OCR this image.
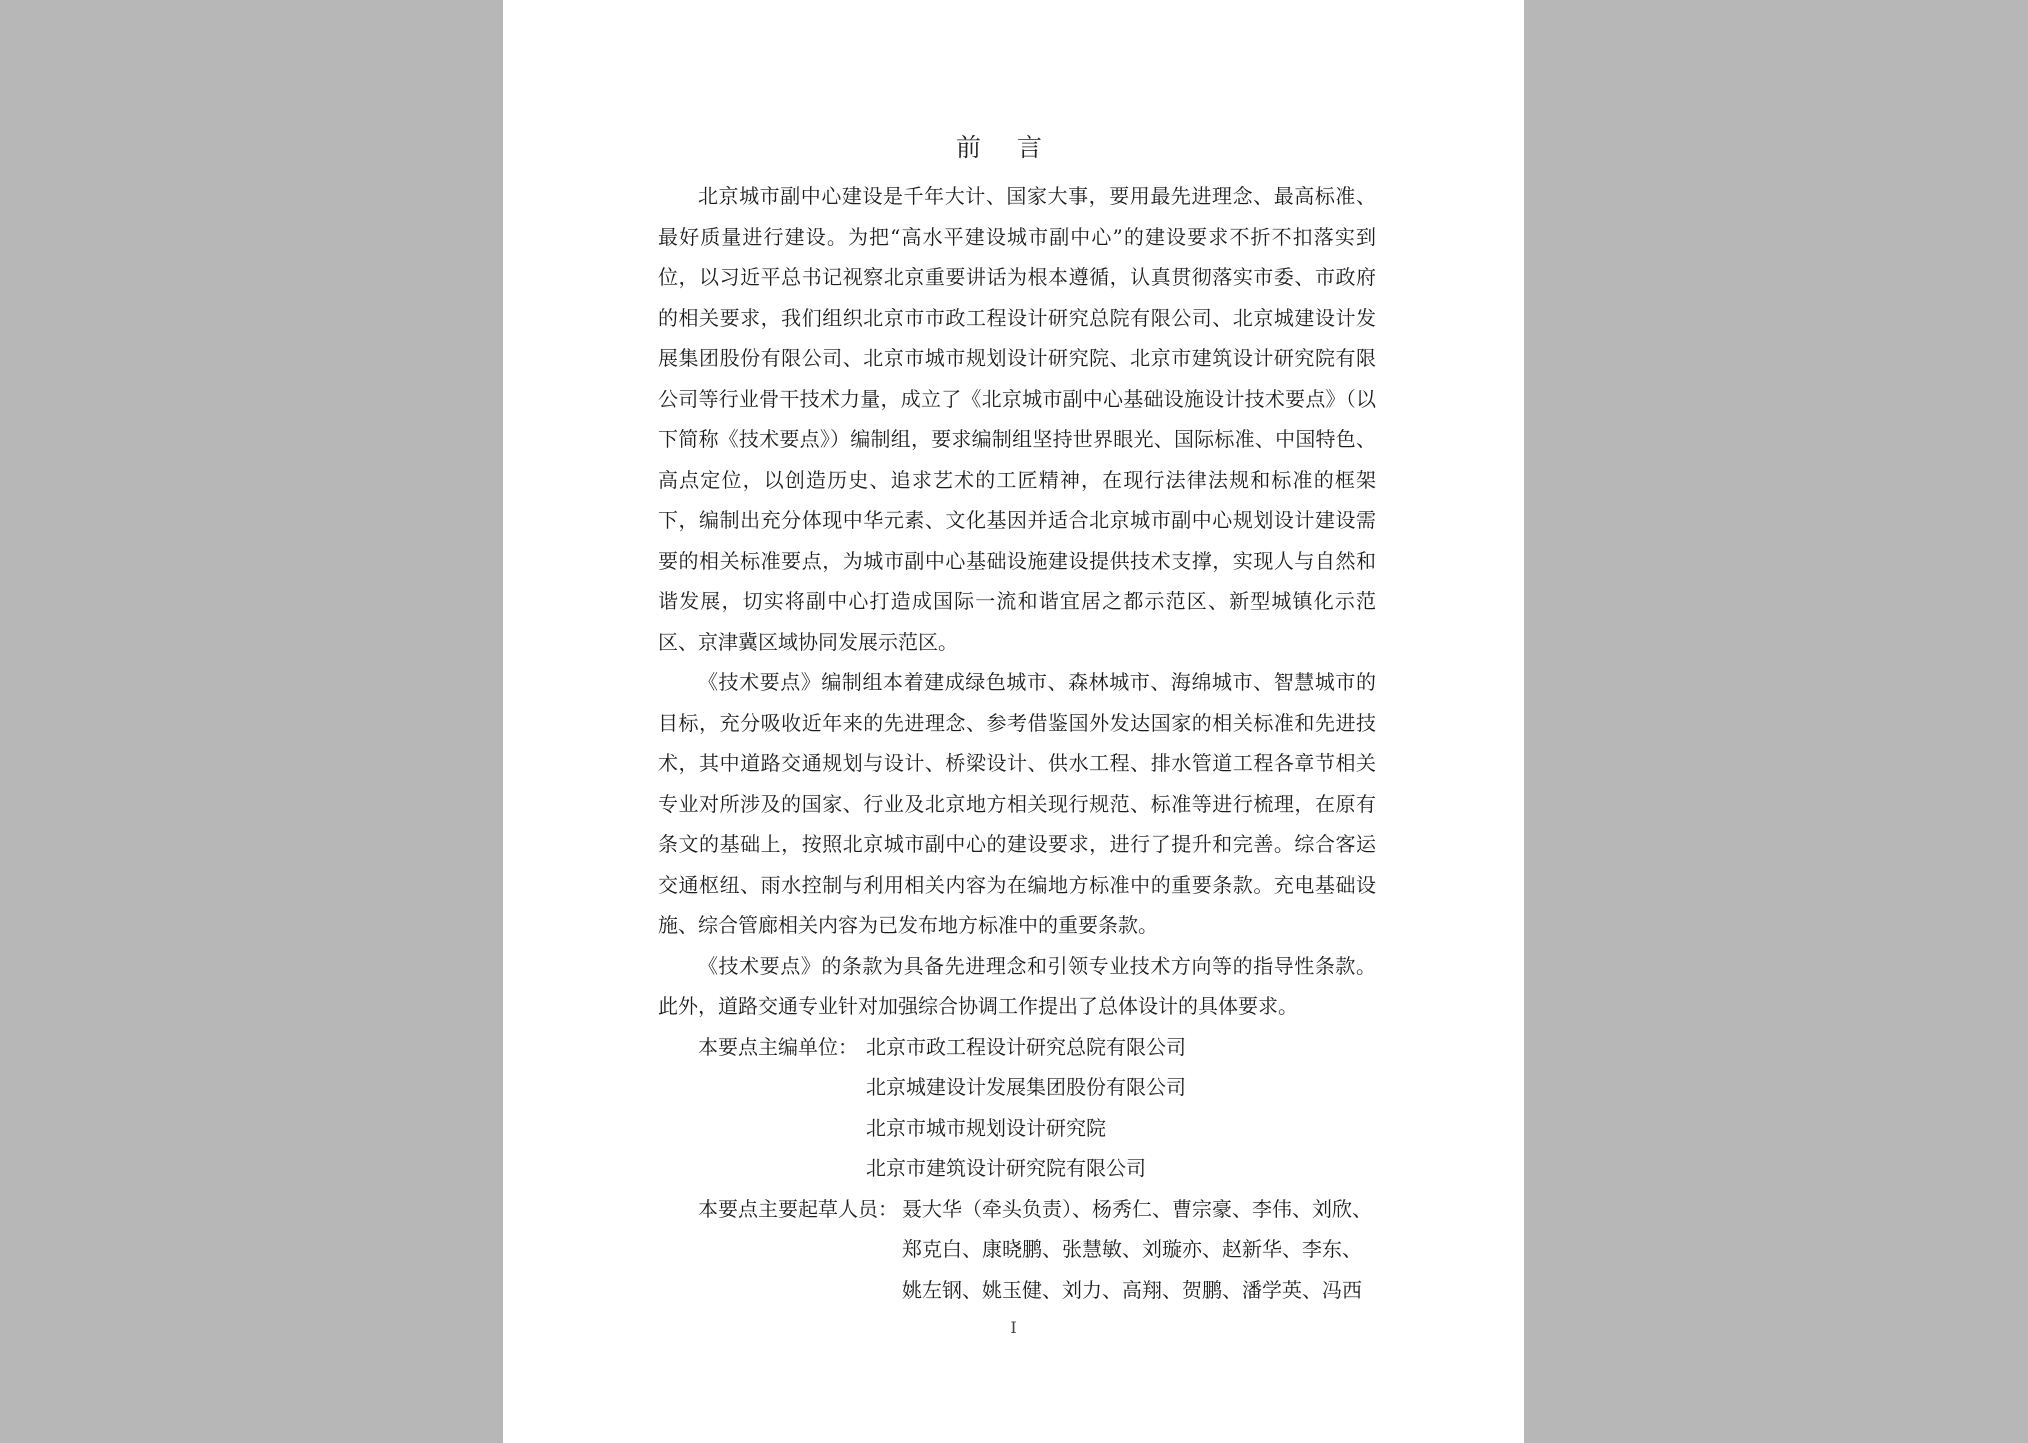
前言

北京城市副中心建设是千年大计、国家大事，要用最先进理念、最高标准、最好质量进行建设。为把“高水平建设城市副中心”的建设要求不折不扣落实到位，以习近平总书记视察北京重要讲话为根本遵循，认真贯彻落实市委、市政府的相关要求，我们组织北京市市政工程设计研究总院有限公司、北京城建设计发展集团股份有限公司、北京市城市规划设计研究院、北京市建筑设计研究院有限公司等行业骨干技术力量，成立了《北京城市副中心基础设施设计技术要点》（以下简称《技术要点》）编制组，要求编制组坚持世界眼光、国际标准、中国特色、高点定位，以创造历史、追求艺术的工匠精神，在现行法律法规和标准的框架下，编制出充分体现中华元素、文化基因并适合北京城市副中心规划设计建设需要的相关标准要点，为城市副中心基础设施建设提供技术支撑，实现人与自然和谐发展，切实将副中心打造成国际一流和谐宜居之都示范区、新型城镇化示范区、京津冀区域协同发展示范区。

《技术要点》编制组本着建成绿色城市、森林城市、海绵城市、智慧城市的目标，充分吸收近年来的先进理念、参考借鉴国外发达国家的相关标准和先进技术，其中道路交通规划与设计、桥梁设计、供水工程、排水管道工程各章节相关专业对所涉及的国家、行业及北京地方相关现行规范、标准等进行梳理，在原有条文的基础上，按照北京城市副中心的建设要求，进行了提升和完善。综合客运交通枢纽、雨水控制与利用相关内容为在编地方标准中的重要条款。充电基础设施、综合管廊相关内容为已发布地方标准中的重要条款。

《技术要点》的条款为具备先进理念和引领专业技术方向等的指导性条款。此外，道路交通专业针对加强综合协调工作提出了总体设计的具体要求。

本要点主编单位： 北京市政工程设计研究总院有限公司
北京城建设计发展集团股份有限公司
北京市城市规划设计研究院
北京市建筑设计研究院有限公司
本要点主要起草人员： 聂大华（牵头负责）、杨秀仁、曹宗豪、李伟、刘欣、
郑克白、康晓鹏、张慧敏、刘璇亦、赵新华、李东、
姚左钢、姚玉健、刘力、高翔、贺鹏、潘学英、冯西
I
